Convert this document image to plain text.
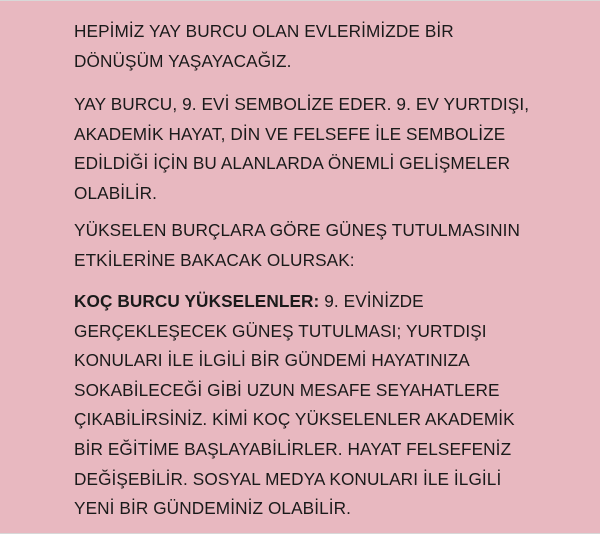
HEPİMİZ YAY BURCU OLAN EVLERİMİZDE BİR
DÖNÜŞÜM YAŞAYACAĞIZ.

YAY BURCU, 9. EVİ SEMBOLİZE EDER. 9. EV YURTDIŞI,
AKADEMİK HAYAT, DİN VE FELSEFE İLE SEMBOLİZE
EDİLDİĞİ İÇİN BU ALANLARDA ÖNEMLİ GELİŞMELER
OLABİLİR.

YÜKSELEN BURÇLARA GÖRE GÜNEŞ TUTULMASININ
ETKİLERİNE BAKACAK OLURSAK:

KOÇ BURCU YÜKSELENLER: 9. EVİNİZDE
GERÇEKLEŞECEK GÜNEŞ TUTULMASI; YURTDIŞI
KONULARI İLE İLGİLİ BİR GÜNDEMİ HAYATINIZA
SOKABİLECEĞİ GİBİ UZUN MESAFE SEYAHATLERE
ÇIKABİLİRSİNİZ. KİMİ KOÇ YÜKSELENLER AKADEMİK
BİR EĞİTİME BAŞLAYABİLİRLER. HAYAT FELSEFENİZ
DEĞİŞEBİLİR. SOSYAL MEDYA KONULARI İLE İLGİLİ
YENİ BİR GÜNDEMİNİZ OLABİLİR.
